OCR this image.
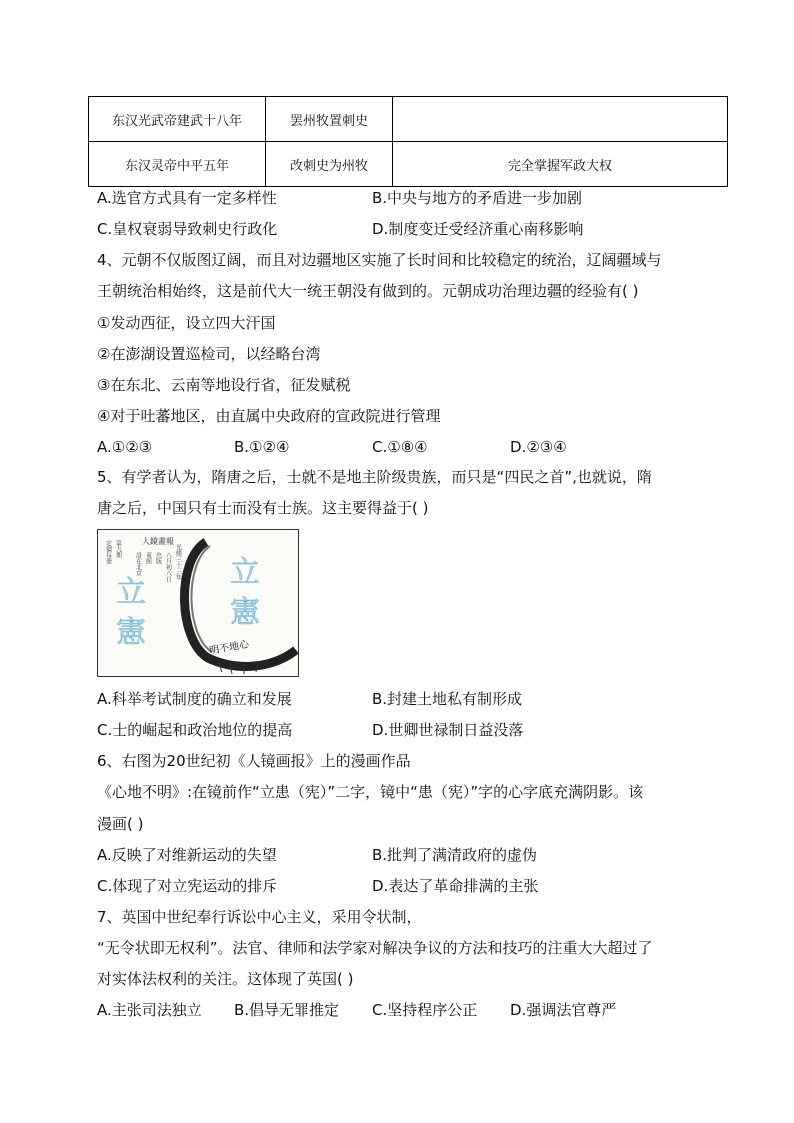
东汉光武帝建武十八年	罢州牧置刺史	
东汉灵帝中平五年	改刺史为州牧	完全掌握军政大权
A.选官方式具有一定多样性	B.中央与地方的矛盾进一步加剧
C.皇权衰弱导致刺史行政化	D.制度变迁受经济重心南移影响
4、元朝不仅版图辽阔，而且对边疆地区实施了长时间和比较稳定的统治，辽阔疆域与
王朝统治相始终，这是前代大一统王朝没有做到的。元朝成功治理边疆的经验有( )
①发动西征，设立四大汗国
②在澎湖设置巡检司，以经略台湾
③在东北、云南等地设行省，征发赋税
④对于吐蕃地区，由直属中央政府的宣政院进行管理
A.①②③	B.①②④	C.①⑧④	D.②③④
5、有学者认为，隋唐之后，士就不是地主阶级贵族，而只是“四民之首”,也就说，隋
唐之后，中国只有士而没有士族。这主要得益于( )
立
憲
立
憲
明不地心
人鏡畫報
光緒三十三年
八月初八日
出版
東館
設在北京
第九期
定價每冊
A.科举考试制度的确立和发展	B.封建土地私有制形成
C.士的崛起和政治地位的提高	D.世卿世禄制日益没落
6、右图为20世纪初《人镜画报》上的漫画作品
《心地不明》:在镜前作“立患（宪）”二字，镜中“患（宪）”字的心字底充满阴影。该
漫画( )
A.反映了对维新运动的失望	B.批判了满清政府的虚伪
C.体现了对立宪运动的排斥	D.表达了革命排满的主张
7、英国中世纪奉行诉讼中心主义，采用令状制，
“无令状即无权利”。法官、律师和法学家对解决争议的方法和技巧的注重大大超过了
对实体法权利的关注。这体现了英国( )
A.主张司法独立 B.倡导无罪推定 C.坚持程序公正 D.强调法官尊严
